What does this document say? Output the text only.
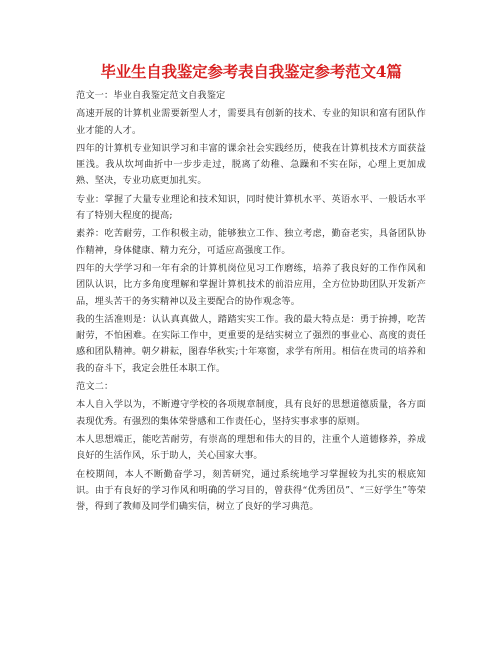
毕业生自我鉴定参考表自我鉴定参考范文4篇

范文一：毕业自我鉴定范文自我鉴定

高速开展的计算机业需要新型人才，需要具有创新的技术、专业的知识和富有团队作业才能的人才。

四年的计算机专业知识学习和丰富的课余社会实践经历，使我在计算机技术方面获益匪浅。我从坎坷曲折中一步步走过，脱离了幼稚、急躁和不实在际，心理上更加成熟、坚决，专业功底更加扎实。

专业：掌握了大量专业理论和技术知识，同时使计算机水平、英语水平、一般话水平有了特别大程度的提高;

素养：吃苦耐劳，工作积极主动，能够独立工作、独立考虑，勤奋老实，具备团队协作精神，身体健康、精力充分，可适应高强度工作。

四年的大学学习和一年有余的计算机岗位见习工作磨练，培养了我良好的工作作风和团队认识，比方多角度理解和掌握计算机技术的前沿应用，全方位协助团队开发新产品，埋头苦干的务实精神以及主要配合的协作观念等。

我的生活准则是：认认真真做人，踏踏实实工作。我的最大特点是：勇于拚搏，吃苦耐劳，不怕困难。在实际工作中，更重要的是结实树立了强烈的事业心、高度的责任感和团队精神。朝夕耕耘，图春华秋实;十年寒窗，求学有所用。相信在贵司的培养和我的奋斗下，我定会胜任本职工作。

范文二：

本人自入学以为，不断遵守学校的各项规章制度，具有良好的思想道德质量，各方面表现优秀。有强烈的集体荣誉感和工作责任心，坚持实事求事的原则。

本人思想端正，能吃苦耐劳，有崇高的理想和伟大的目的，注重个人道德修养，养成良好的生活作风，乐于助人，关心国家大事。

在校期间，本人不断勤奋学习，刻苦研究，通过系统地学习掌握较为扎实的根底知识。由于有良好的学习作风和明确的学习目的，曾获得“优秀团员”、“三好学生”等荣誉，得到了教师及同学们确实信，树立了良好的学习典范。
